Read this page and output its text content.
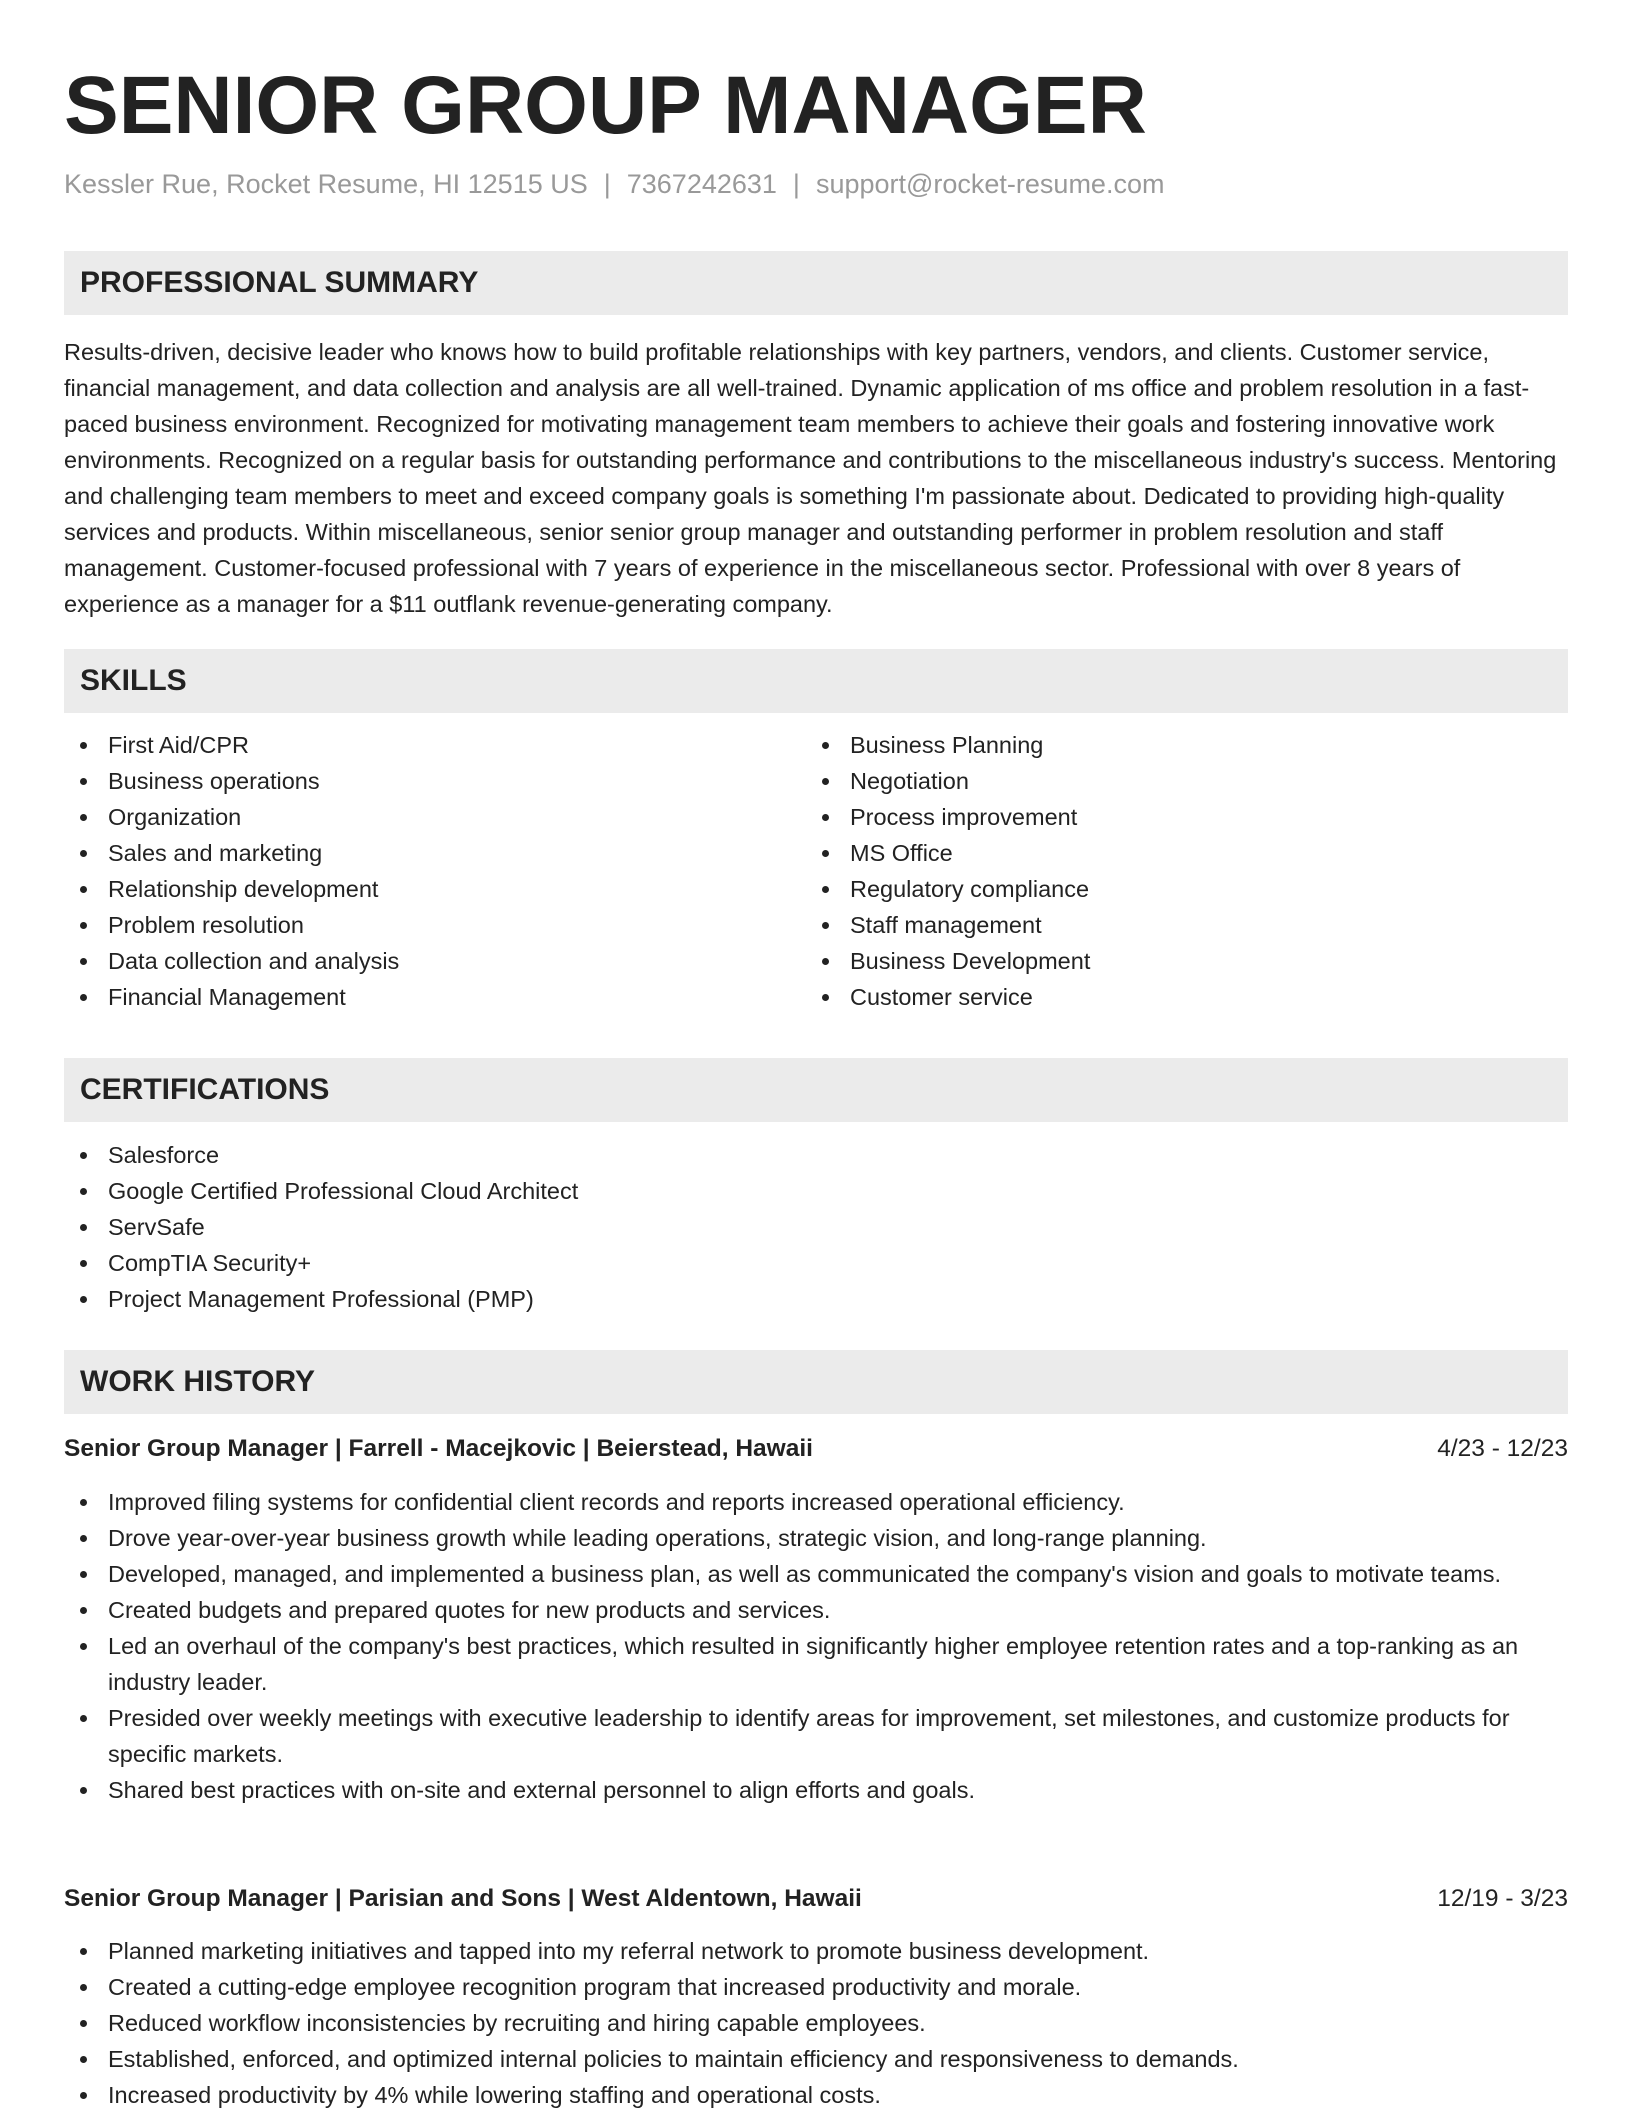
SENIOR GROUP MANAGER
Kessler Rue, Rocket Resume, HI 12515 US | 7367242631 | support@rocket-resume.com
PROFESSIONAL SUMMARY

Results-driven, decisive leader who knows how to build profitable relationships with key partners, vendors, and clients. Customer service, financial management, and data collection and analysis are all well-trained. Dynamic application of ms office and problem resolution in a fast-paced business environment. Recognized for motivating management team members to achieve their goals and fostering innovative work environments. Recognized on a regular basis for outstanding performance and contributions to the miscellaneous industry's success. Mentoring and challenging team members to meet and exceed company goals is something I'm passionate about. Dedicated to providing high-quality services and products. Within miscellaneous, senior senior group manager and outstanding performer in problem resolution and staff management. Customer-focused professional with 7 years of experience in the miscellaneous sector. Professional with over 8 years of experience as a manager for a $11 outflank revenue-generating company.

SKILLS
First Aid/CPR
Business operations
Organization
Sales and marketing
Relationship development
Problem resolution
Data collection and analysis
Financial Management
Business Planning
Negotiation
Process improvement
MS Office
Regulatory compliance
Staff management
Business Development
Customer service
CERTIFICATIONS
Salesforce
Google Certified Professional Cloud Architect
ServSafe
CompTIA Security+
Project Management Professional (PMP)
WORK HISTORY
Senior Group Manager | Farrell - Macejkovic | Beierstead, Hawaii	4/23 - 12/23
Improved filing systems for confidential client records and reports increased operational efficiency.
Drove year-over-year business growth while leading operations, strategic vision, and long-range planning.
Developed, managed, and implemented a business plan, as well as communicated the company's vision and goals to motivate teams.
Created budgets and prepared quotes for new products and services.
Led an overhaul of the company's best practices, which resulted in significantly higher employee retention rates and a top-ranking as an industry leader.
Presided over weekly meetings with executive leadership to identify areas for improvement, set milestones, and customize products for specific markets.
Shared best practices with on-site and external personnel to align efforts and goals.
Senior Group Manager | Parisian and Sons | West Aldentown, Hawaii	12/19 - 3/23
Planned marketing initiatives and tapped into my referral network to promote business development.
Created a cutting-edge employee recognition program that increased productivity and morale.
Reduced workflow inconsistencies by recruiting and hiring capable employees.
Established, enforced, and optimized internal policies to maintain efficiency and responsiveness to demands.
Increased productivity by 4% while lowering staffing and operational costs.
